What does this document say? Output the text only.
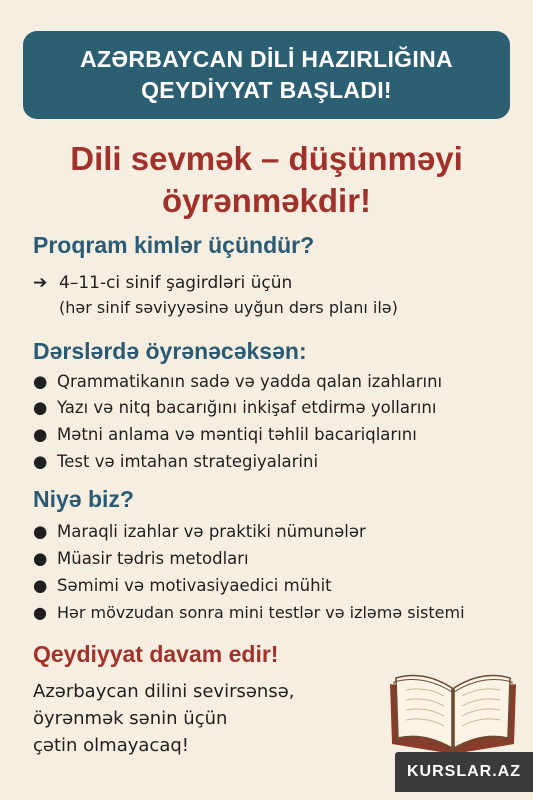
AZƏRBAYCAN DİLİ HAZIRLIĞINA
QEYDİYYAT BAŞLADI!
Dili sevmək – düşünməyi
öyrənməkdir!
Proqram kimlər üçündür?
➔ 4–11-ci sinif şagirdləri üçün
(hər sinif səviyyəsinə uyğun dərs planı ilə)
Dərslərdə öyrənəcəksən:
● Qrammatikanın sadə və yadda qalan izahlarını
● Yazı və nitq bacarığını inkişaf etdirmə yollarını
● Mətni anlama və məntiqi təhlil bacariqlarını
● Test və imtahan strategiyalarini
Niyə biz?
● Maraqli izahlar və praktiki nümunələr
● Müasir tədris metodları
● Səmimi və motivasiyaedici mühit
● Hər mövzudan sonra mini testlər və izləmə sistemi
Qeydiyyat davam edir!
Azərbaycan dilini sevirsənsə,
öyrənmək sənin üçün
çətin olmayacaq!
KURSLAR.AZ
